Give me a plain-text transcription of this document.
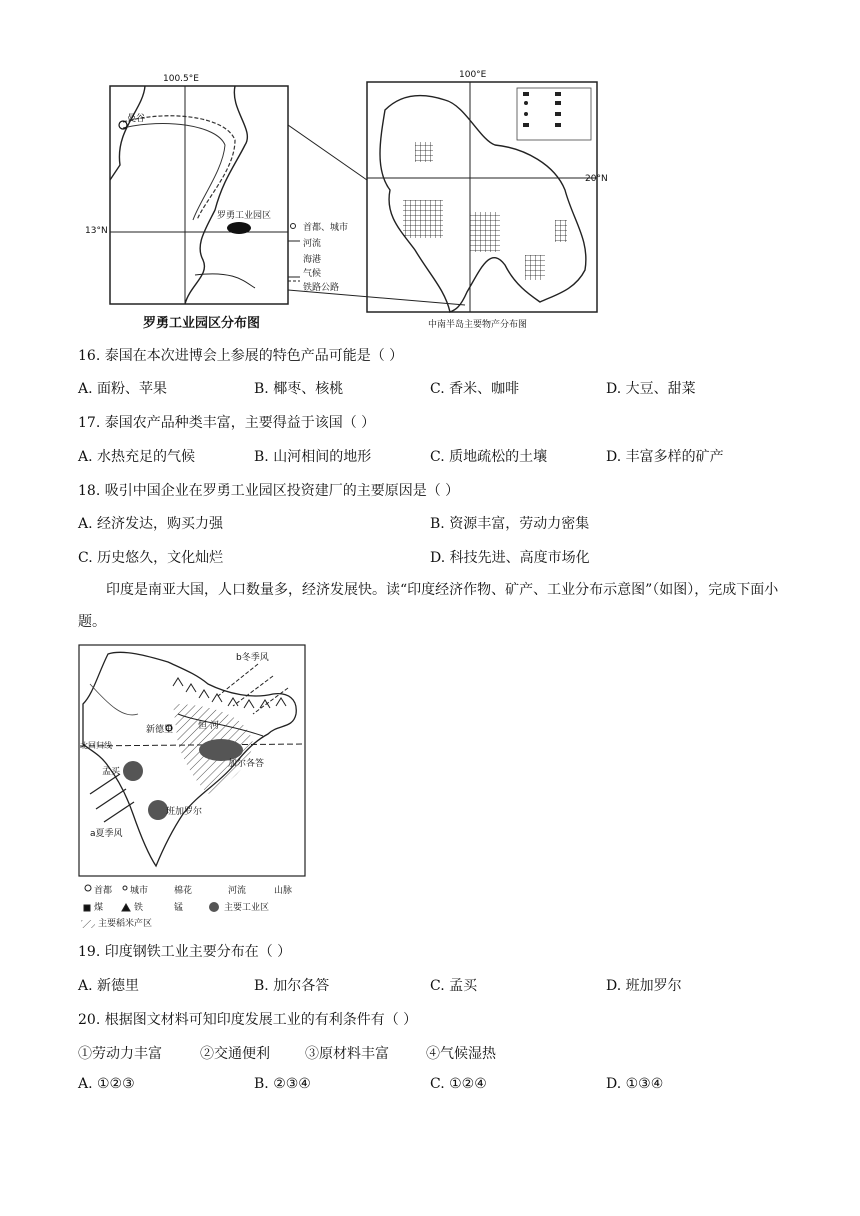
100.5°E
13°N
曼谷
罗勇工业园区
首都、城市
河流
海港
气候
铁路公路
罗勇工业园区分布图
100°E
20°N
中南半岛主要物产分布图
16. 泰国在本次进博会上参展的特色产品可能是（ ）
A. 面粉、苹果	B. 椰枣、核桃	C. 香米、咖啡	D. 大豆、甜菜
17. 泰国农产品种类丰富，主要得益于该国（ ）
A. 水热充足的气候	B. 山河相间的地形	C. 质地疏松的土壤	D. 丰富多样的矿产
18. 吸引中国企业在罗勇工业园区投资建厂的主要原因是（ ）
A. 经济发达，购买力强	B. 资源丰富，劳动力密集
C. 历史悠久，文化灿烂	D. 科技先进、高度市场化
印度是南亚大国，人口数量多，经济发展快。读“印度经济作物、矿产、工业分布示意图”（如图），完成下面小题。
b冬季风
新德里	恒 河
北回归线
加尔各答
孟买
班加罗尔
a夏季风
首都 城市	棉花	河流	山脉
煤	铁	锰	主要工业区
主要稻米产区
19. 印度钢铁工业主要分布在（ ）
A. 新德里	B. 加尔各答	C. 孟买	D. 班加罗尔
20. 根据图文材料可知印度发展工业的有利条件有（ ）
①劳动力丰富	②交通便利	③原材料丰富	④气候湿热
A. ①②③	B. ②③④	C. ①②④	D. ①③④
